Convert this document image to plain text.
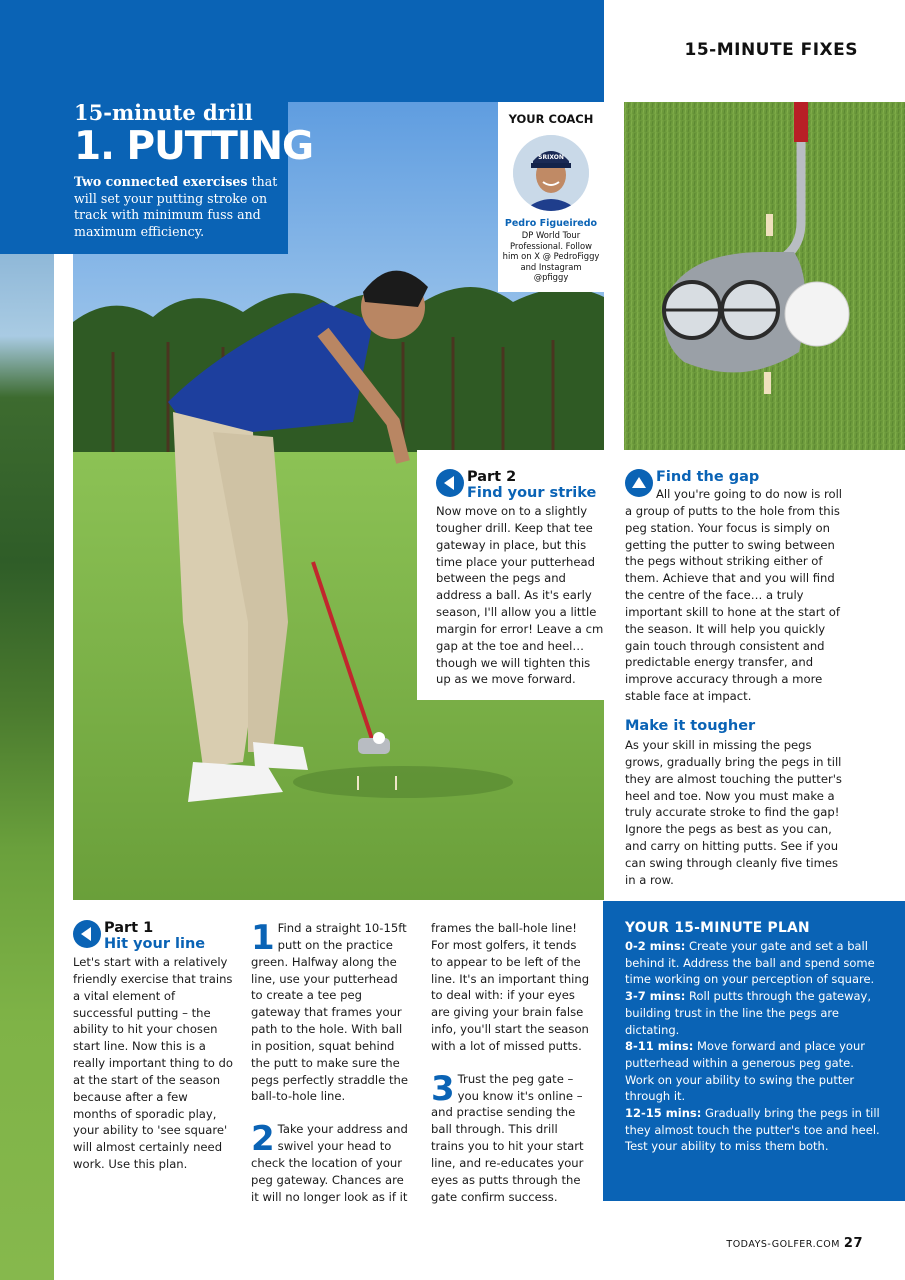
15-MINUTE FIXES
15-minute drill
1. PUTTING
Two connected exercises that will set your putting stroke on track with minimum fuss and maximum efficiency.
YOUR COACH
SRIXON
Pedro Figueiredo
DP World Tour Professional. Follow him on X @ PedroFiggy and Instagram @pfiggy
Part 2
Find your strike
Now move on to a slightly tougher drill. Keep that tee gateway in place, but this time place your putterhead between the pegs and address a ball. As it's early season, I'll allow you a little margin for error! Leave a cm gap at the toe and heel… though we will tighten this up as we move forward.
Find the gap
All you're going to do now is roll a group of putts to the hole from this peg station. Your focus is simply on getting the putter to swing between the pegs without striking either of them. Achieve that and you will find the centre of the face… a truly important skill to hone at the start of the season. It will help you quickly gain touch through consistent and predictable energy transfer, and improve accuracy through a more stable face at impact.
Make it tougher
As your skill in missing the pegs grows, gradually bring the pegs in till they are almost touching the putter's heel and toe. Now you must make a truly accurate stroke to find the gap! Ignore the pegs as best as you can, and carry on hitting putts. See if you can swing through cleanly five times in a row.
Part 1
Hit your line
Let's start with a relatively friendly exercise that trains a vital element of successful putting – the ability to hit your chosen start line. Now this is a really important thing to do at the start of the season because after a few months of sporadic play, your ability to 'see square' will almost certainly need work. Use this plan.
1 Find a straight 10-15ft putt on the practice green. Halfway along the line, use your putterhead to create a tee peg gateway that frames your path to the hole. With ball in position, squat behind the putt to make sure the pegs perfectly straddle the ball-to-hole line.
2 Take your address and swivel your head to check the location of your peg gateway. Chances are it will no longer look as if it
frames the ball-hole line! For most golfers, it tends to appear to be left of the line. It's an important thing to deal with: if your eyes are giving your brain false info, you'll start the season with a lot of missed putts.
3 Trust the peg gate – you know it's online – and practise sending the ball through. This drill trains you to hit your start line, and re-educates your eyes as putts through the gate confirm success.
YOUR 15-MINUTE PLAN
0-2 mins: Create your gate and set a ball behind it. Address the ball and spend some time working on your perception of square.
3-7 mins: Roll putts through the gateway, building trust in the line the pegs are dictating.
8-11 mins: Move forward and place your putterhead within a generous peg gate. Work on your ability to swing the putter through it.
12-15 mins: Gradually bring the pegs in till they almost touch the putter's toe and heel. Test your ability to miss them both.
TODAYS-GOLFER.COM 27
